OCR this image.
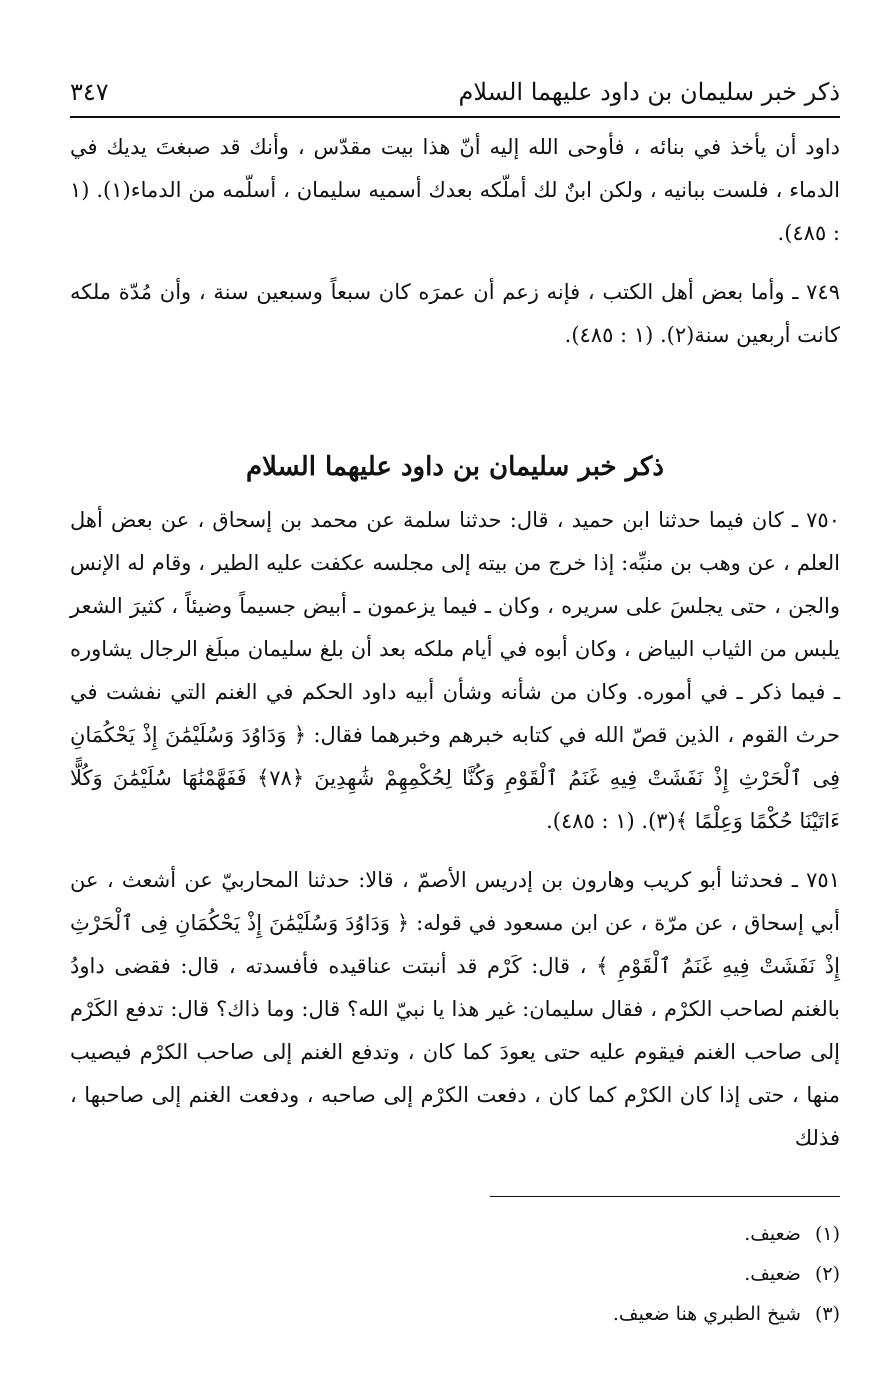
ذكر خبر سليمان بن داود عليهما السلام
٣٤٧

داود أن يأخذ في بنائه ، فأوحى الله إليه أنّ هذا بيت مقدّس ، وأنك قد صبغتَ يديك في الدماء ، فلست ببانيه ، ولكن ابنٌ لك أملّكه بعدك أسميه سليمان ، أسلّمه من الدماء(١). (١ : ٤٨٥).

٧٤٩ ـ وأما بعض أهل الكتب ، فإنه زعم أن عمرَه كان سبعاً وسبعين سنة ، وأن مُدّة ملكه كانت أربعين سنة(٢). (١ : ٤٨٥).

ذكر خبر سليمان بن داود عليهما السلام

٧٥٠ ـ كان فيما حدثنا ابن حميد ، قال: حدثنا سلمة عن محمد بن إسحاق ، عن بعض أهل العلم ، عن وهب بن منبِّه: إذا خرج من بيته إلى مجلسه عكفت عليه الطير ، وقام له الإنس والجن ، حتى يجلسَ على سريره ، وكان ـ فيما يزعمون ـ أبيض جسيماً وضيئاً ، كثيرَ الشعر يلبس من الثياب البياض ، وكان أبوه في أيام ملكه بعد أن بلغ سليمان مبلَغ الرجال يشاوره ـ فيما ذكر ـ في أموره. وكان من شأنه وشأن أبيه داود الحكم في الغنم التي نفشت في حرث القوم ، الذين قصّ الله في كتابه خبرهم وخبرهما فقال: ﴿ وَدَاوُدَ وَسُلَيْمَٰنَ إِذْ يَحْكُمَانِ فِى ٱلْحَرْثِ إِذْ نَفَشَتْ فِيهِ غَنَمُ ٱلْقَوْمِ وَكُنَّا لِحُكْمِهِمْ شَٰهِدِينَ ﴿٧٨﴾ فَفَهَّمْنَٰهَا سُلَيْمَٰنَ وَكُلًّا ءَاتَيْنَا حُكْمًا وَعِلْمًا ﴾(٣). (١ : ٤٨٥).

٧٥١ ـ فحدثنا أبو كريب وهارون بن إدريس الأصمّ ، قالا: حدثنا المحاربيّ عن أشعث ، عن أبي إسحاق ، عن مرّة ، عن ابن مسعود في قوله: ﴿ وَدَاوُدَ وَسُلَيْمَٰنَ إِذْ يَحْكُمَانِ فِى ٱلْحَرْثِ إِذْ نَفَشَتْ فِيهِ غَنَمُ ٱلْقَوْمِ ﴾ ، قال: كَرْم قد أنبتت عناقيده فأفسدته ، قال: فقضى داودُ بالغنم لصاحب الكرْم ، فقال سليمان: غير هذا يا نبيّ الله؟ قال: وما ذاك؟ قال: تدفع الكَرْم إلى صاحب الغنم فيقوم عليه حتى يعودَ كما كان ، وتدفع الغنم إلى صاحب الكرْم فيصيب منها ، حتى إذا كان الكرْم كما كان ، دفعت الكرْم إلى صاحبه ، ودفعت الغنم إلى صاحبها ، فذلك

(١)
ضعيف.
(٢)
ضعيف.
(٣)
شيخ الطبري هنا ضعيف.
